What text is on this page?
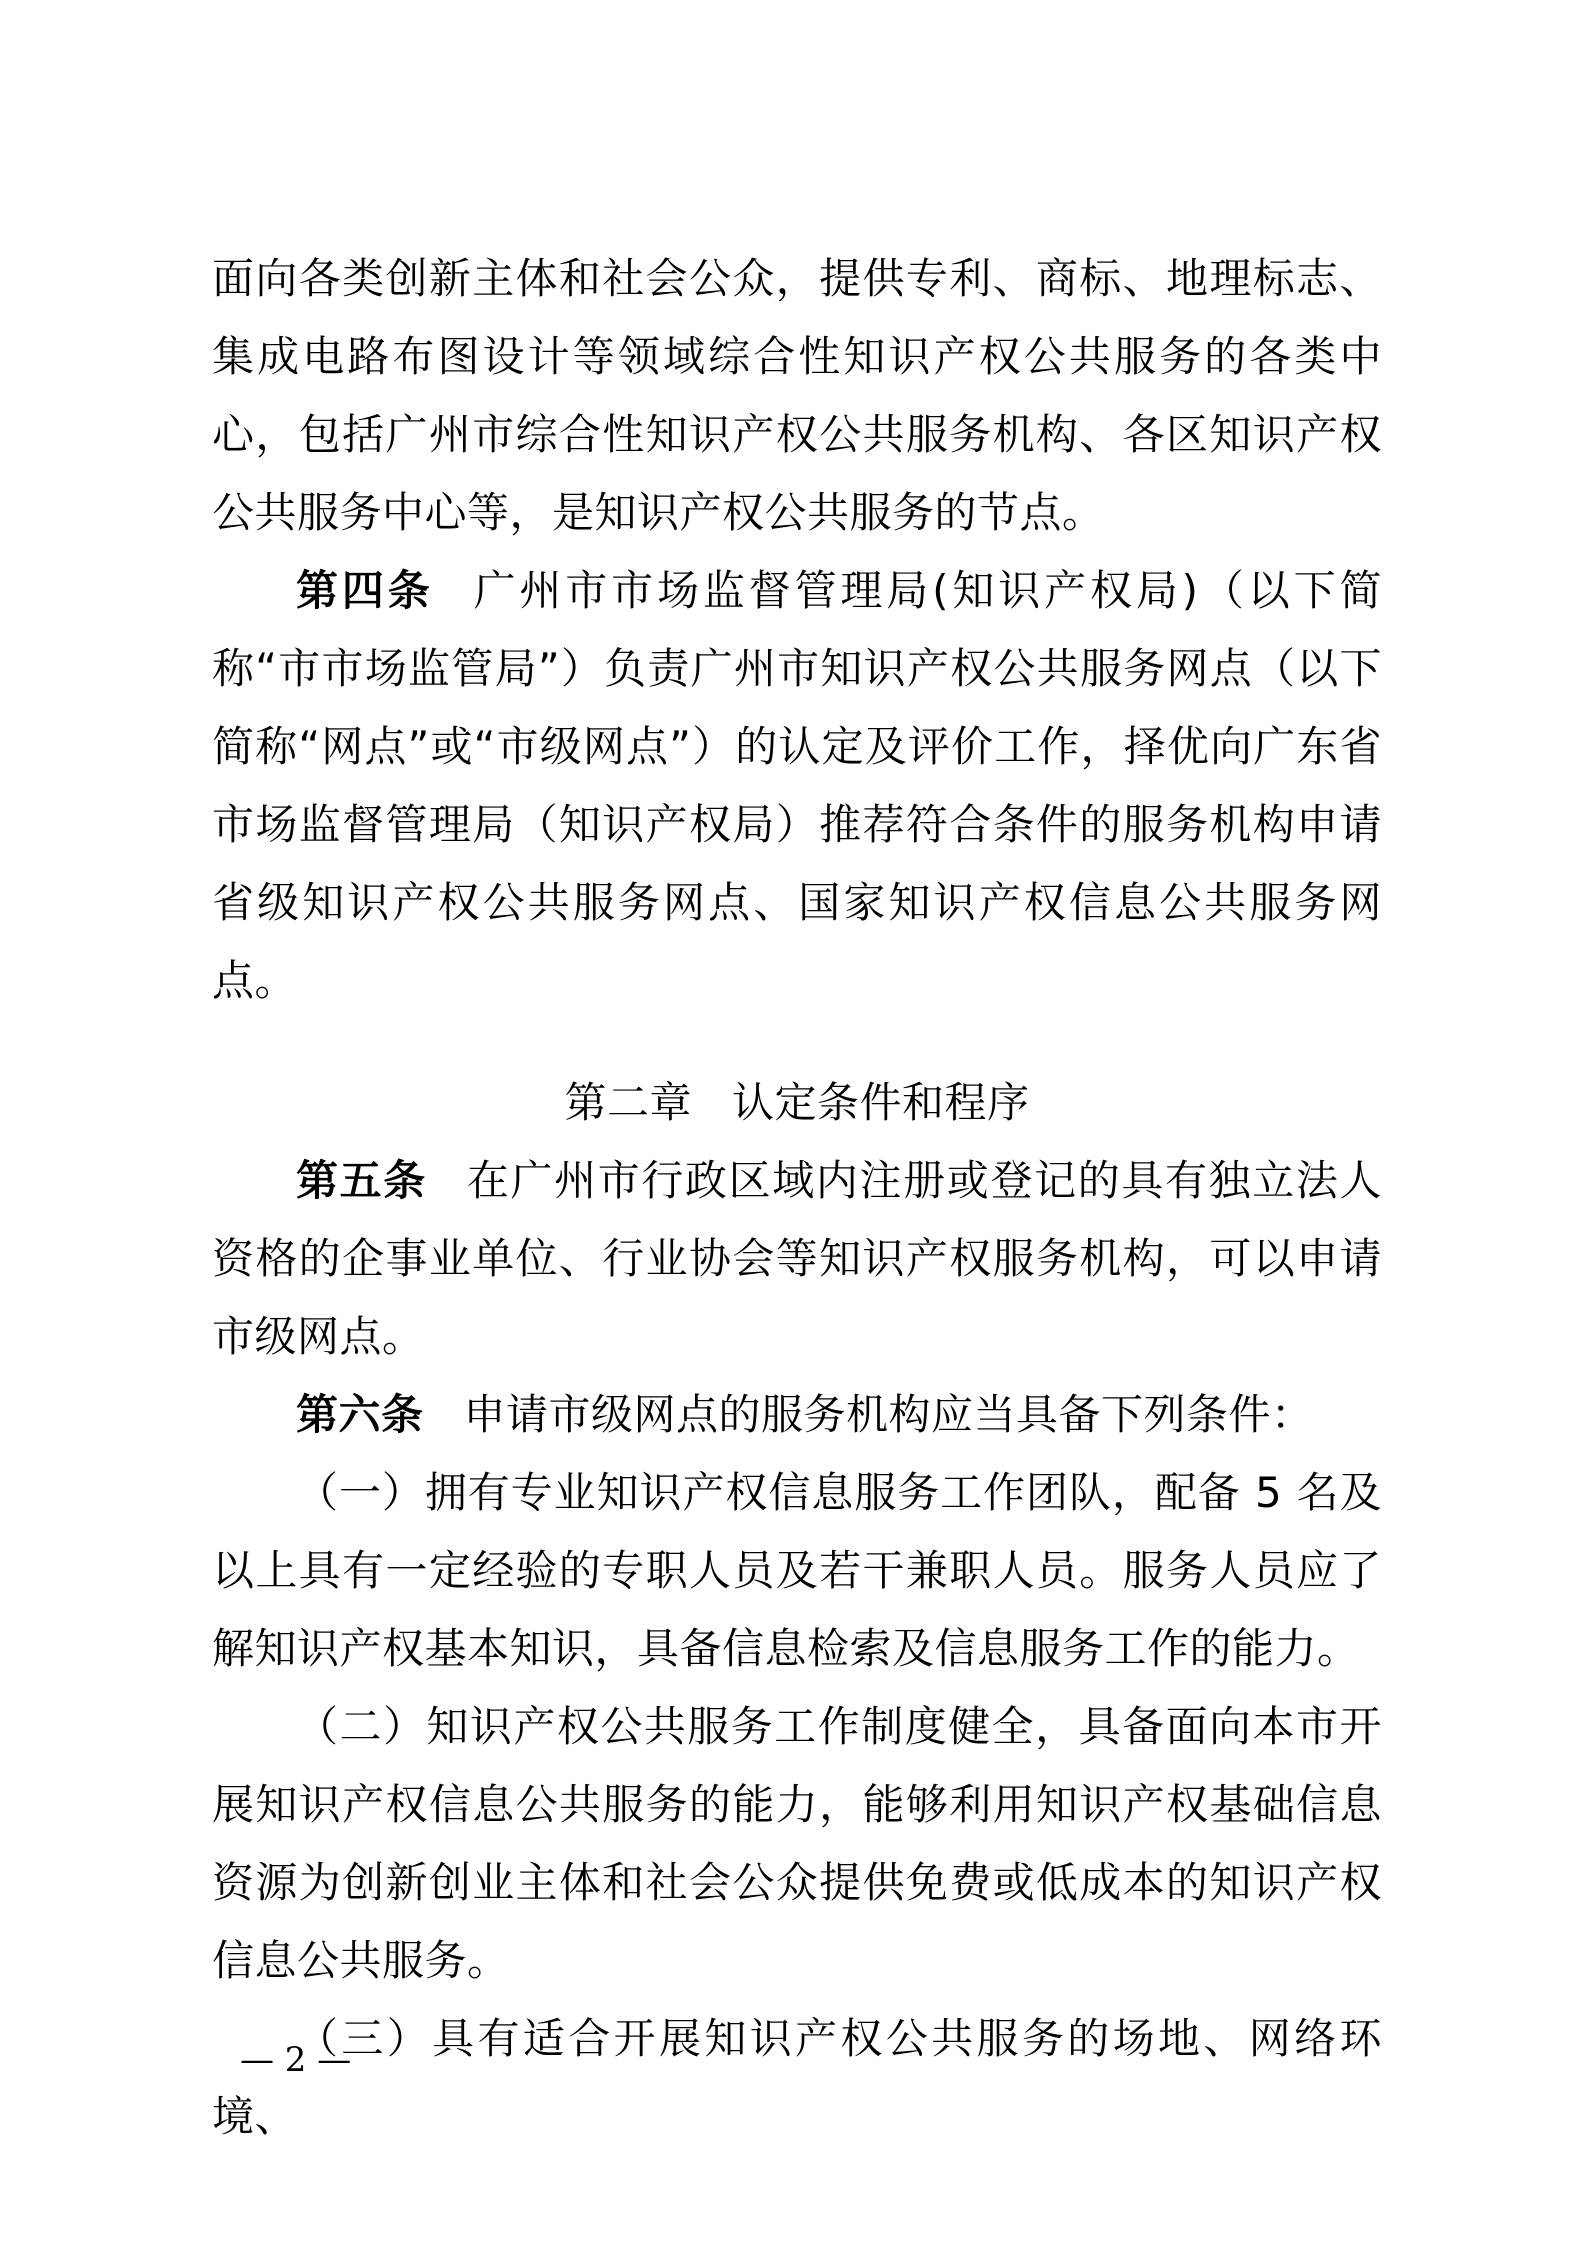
面向各类创新主体和社会公众，提供专利、商标、地理标志、集成电路布图设计等领域综合性知识产权公共服务的各类中心，包括广州市综合性知识产权公共服务机构、各区知识产权公共服务中心等，是知识产权公共服务的节点。

第四条 广州市市场监督管理局(知识产权局)（以下简称“市市场监管局”）负责广州市知识产权公共服务网点（以下简称“网点”或“市级网点”）的认定及评价工作，择优向广东省市场监督管理局（知识产权局）推荐符合条件的服务机构申请省级知识产权公共服务网点、国家知识产权信息公共服务网点。

第二章 认定条件和程序

第五条 在广州市行政区域内注册或登记的具有独立法人资格的企事业单位、行业协会等知识产权服务机构，可以申请市级网点。

第六条 申请市级网点的服务机构应当具备下列条件：

（一）拥有专业知识产权信息服务工作团队，配备 5 名及以上具有一定经验的专职人员及若干兼职人员。服务人员应了解知识产权基本知识，具备信息检索及信息服务工作的能力。

（二）知识产权公共服务工作制度健全，具备面向本市开展知识产权信息公共服务的能力，能够利用知识产权基础信息资源为创新创业主体和社会公众提供免费或低成本的知识产权信息公共服务。

（三）具有适合开展知识产权公共服务的场地、网络环境、

— 2 —
